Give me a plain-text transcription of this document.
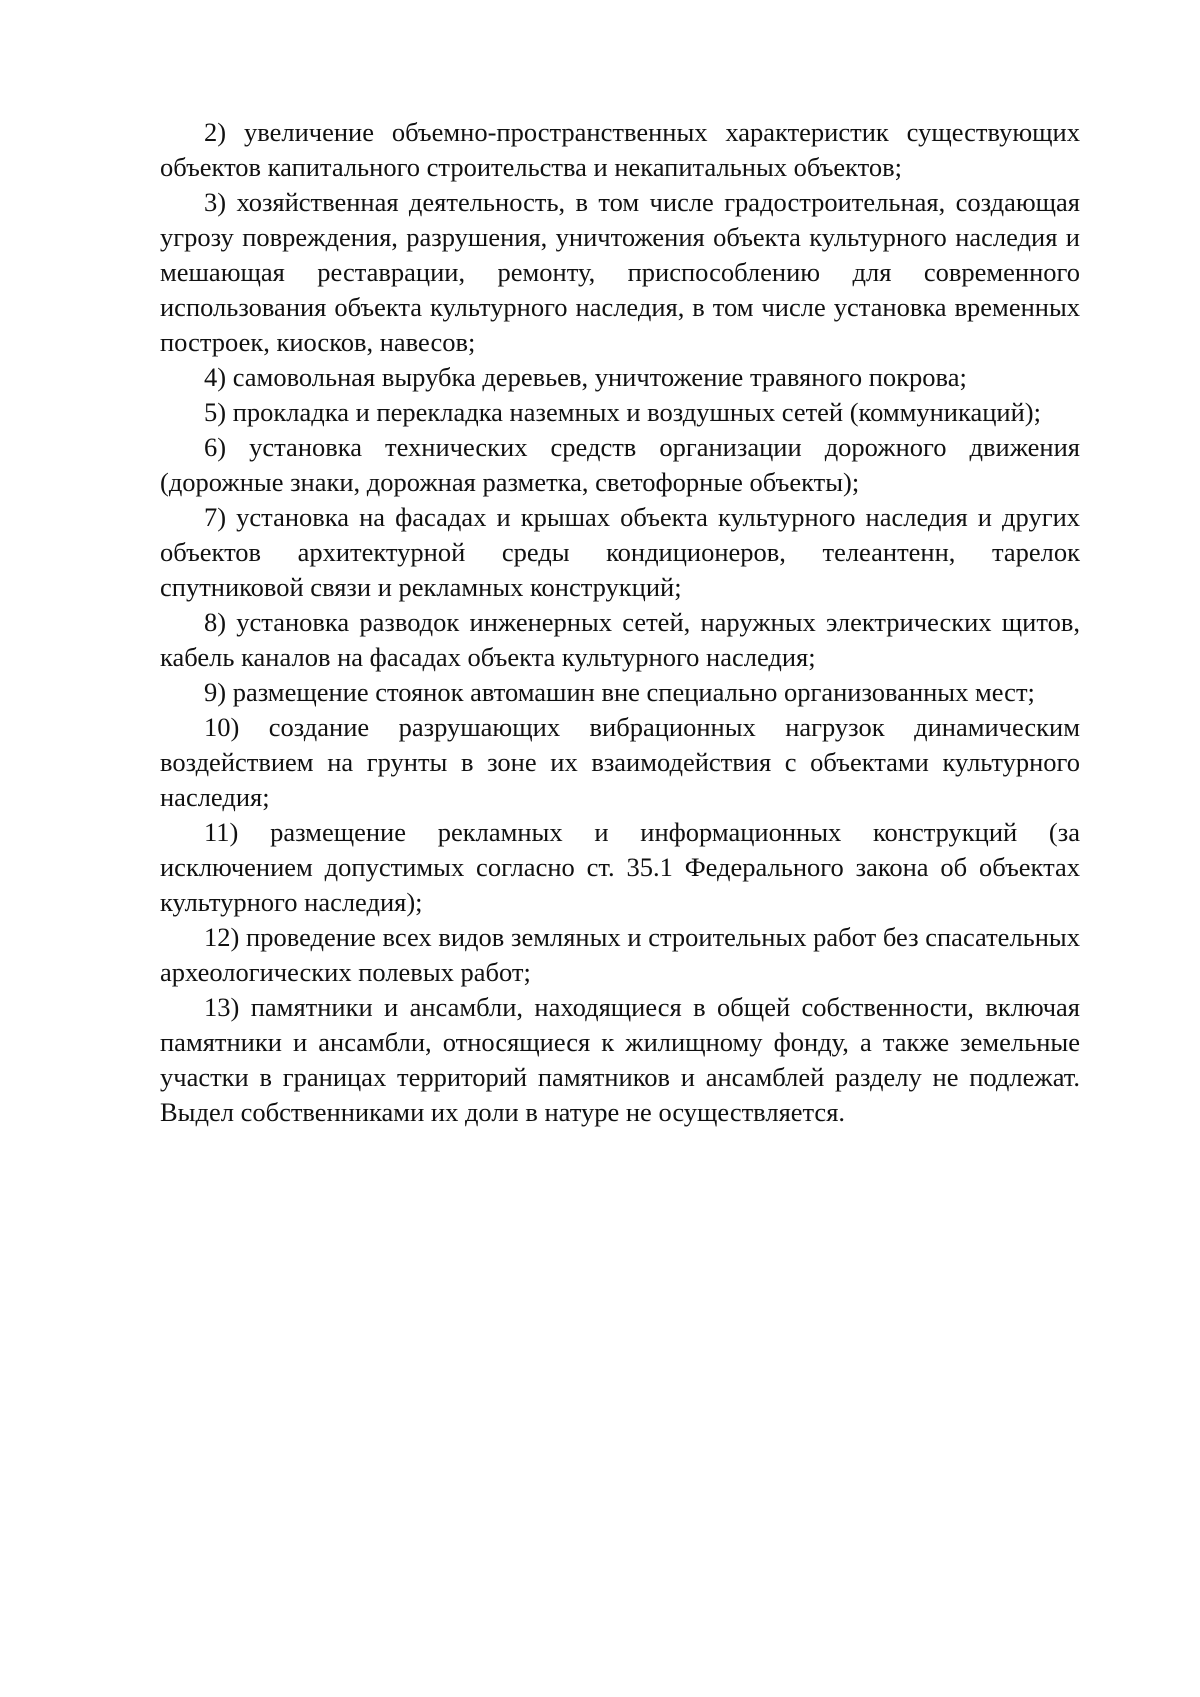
2) увеличение объемно-пространственных характеристик существующих объектов капитального строительства и некапитальных объектов;

3) хозяйственная деятельность, в том числе градостроительная, создающая угрозу повреждения, разрушения, уничтожения объекта культурного наследия и мешающая реставрации, ремонту, приспособлению для современного использования объекта культурного наследия, в том числе установка временных построек, киосков, навесов;

4) самовольная вырубка деревьев, уничтожение травяного покрова;

5) прокладка и перекладка наземных и воздушных сетей (коммуникаций);

6) установка технических средств организации дорожного движения (дорожные знаки, дорожная разметка, светофорные объекты);

7) установка на фасадах и крышах объекта культурного наследия и других объектов архитектурной среды кондиционеров, телеантенн, тарелок спутниковой связи и рекламных конструкций;

8) установка разводок инженерных сетей, наружных электрических щитов, кабель каналов на фасадах объекта культурного наследия;

9) размещение стоянок автомашин вне специально организованных мест;

10) создание разрушающих вибрационных нагрузок динамическим воздействием на грунты в зоне их взаимодействия с объектами культурного наследия;

11) размещение рекламных и информационных конструкций (за исключением допустимых согласно ст. 35.1 Федерального закона об объектах культурного наследия);

12) проведение всех видов земляных и строительных работ без спасательных археологических полевых работ;

13) памятники и ансамбли, находящиеся в общей собственности, включая памятники и ансамбли, относящиеся к жилищному фонду, а также земельные участки в границах территорий памятников и ансамблей разделу не подлежат. Выдел собственниками их доли в натуре не осуществляется.
